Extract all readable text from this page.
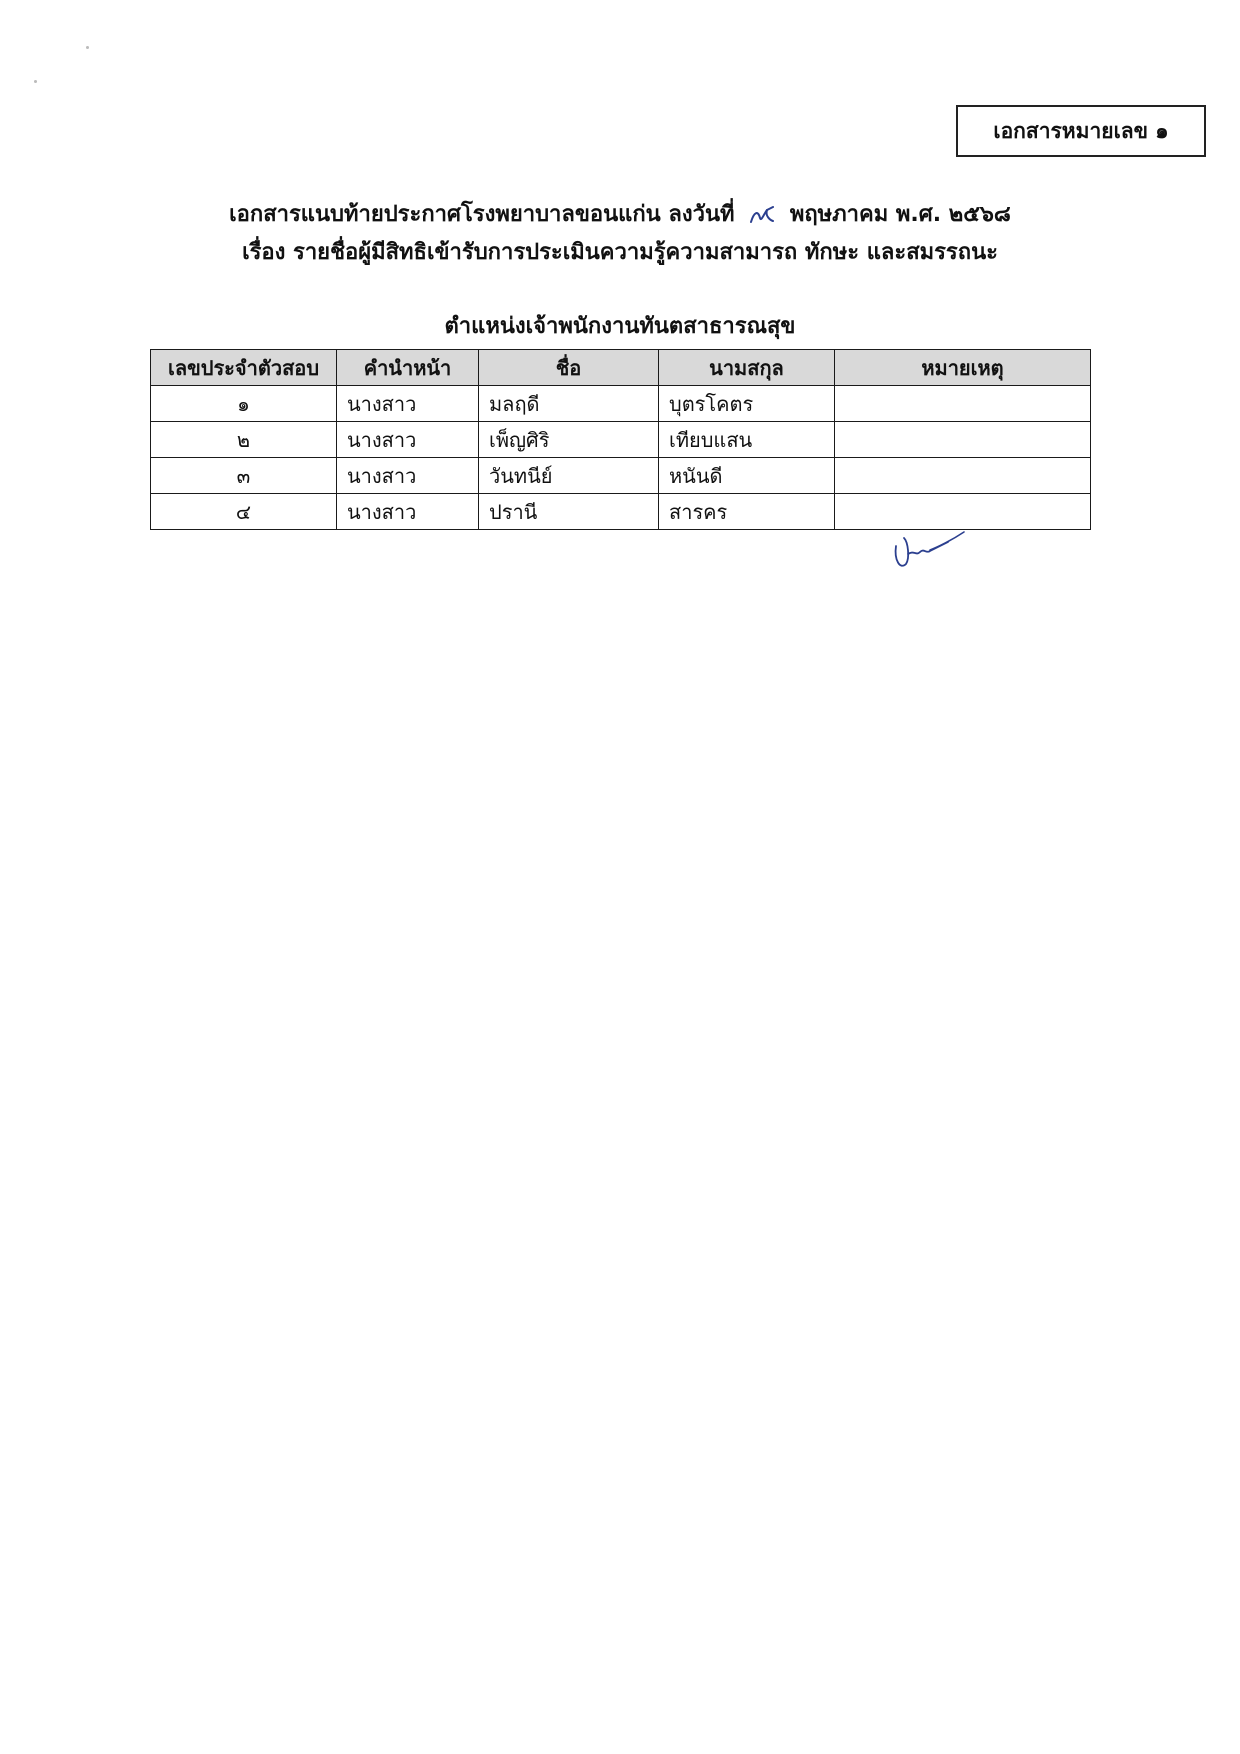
เอกสารหมายเลข ๑
เอกสารแนบท้ายประกาศโรงพยาบาลขอนแก่น ลงวันที่	พฤษภาคม พ.ศ. ๒๕๖๘
เรื่อง รายชื่อผู้มีสิทธิเข้ารับการประเมินความรู้ความสามารถ ทักษะ และสมรรถนะ
ตำแหน่งเจ้าพนักงานทันตสาธารณสุข
เลขประจำตัวสอบ	คำนำหน้า	ชื่อ	นามสกุล	หมายเหตุ
๑	นางสาว	มลฤดี	บุตรโคตร	
๒	นางสาว	เพ็ญศิริ	เทียบแสน	
๓	นางสาว	วันทนีย์	หนันดี	
๔	นางสาว	ปรานี	สารคร	
